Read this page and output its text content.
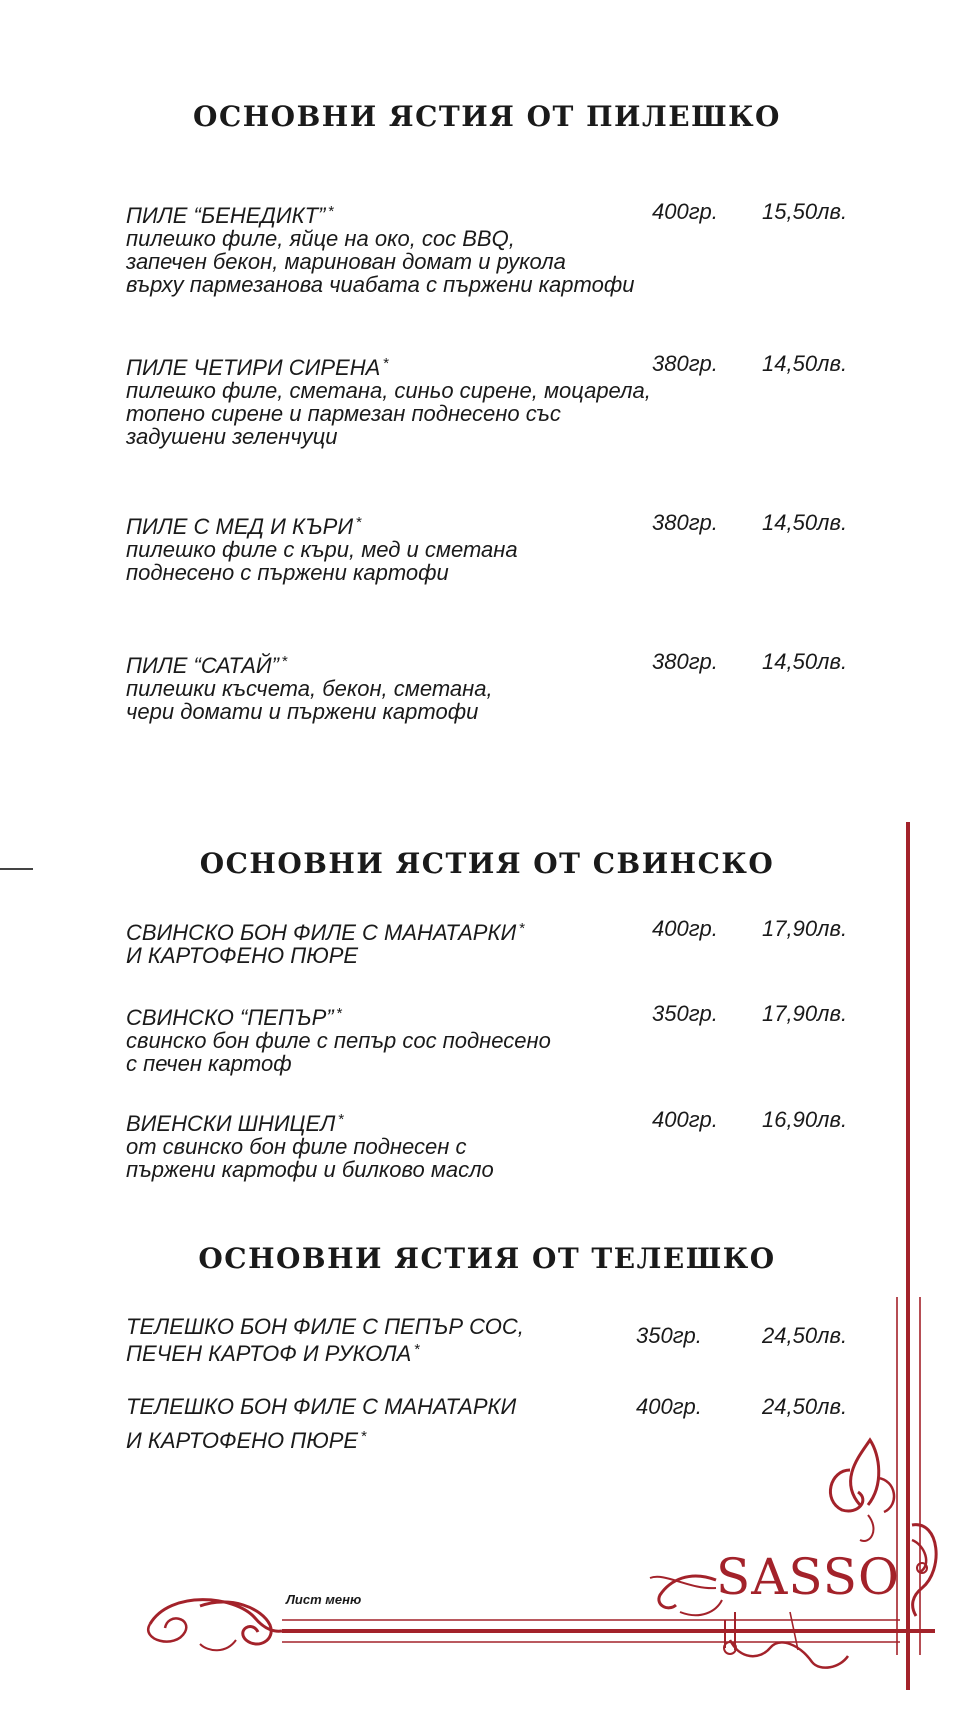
ОСНОВНИ ЯСТИЯ ОТ ПИЛЕШКО
ПИЛЕ “БЕНЕДИКТ” *
пилешко филе, яйце на око, сос BBQ,
запечен бекон, маринован домат и рукола
върху пармезанова чиабата с пържени картофи
400гр. 15,50лв.
ПИЛЕ ЧЕТИРИ СИРЕНА *
пилешко филе, сметана, синьо сирене, моцарела,
топено сирене и пармезан поднесено със
задушени зеленчуци
380гр. 14,50лв.
ПИЛЕ С МЕД И КЪРИ *
пилешко филе с къри, мед и сметана
поднесено с пържени картофи
380гр. 14,50лв.
ПИЛЕ “САТАЙ” *
пилешки късчета, бекон, сметана,
чери домати и пържени картофи
380гр. 14,50лв.
ОСНОВНИ ЯСТИЯ ОТ СВИНСКО
СВИНСКО БОН ФИЛЕ С МАНАТАРКИ *
И КАРТОФЕНО ПЮРЕ
400гр. 17,90лв.
СВИНСКО “ПЕПЪР” *
свинско бон филе с пепър сос поднесено
с печен картоф
350гр. 17,90лв.
ВИЕНСКИ ШНИЦЕЛ *
от свинско бон филе поднесен с
пържени картофи и билково масло
400гр. 16,90лв.
ОСНОВНИ ЯСТИЯ ОТ ТЕЛЕШКО
ТЕЛЕШКО БОН ФИЛЕ С ПЕПЪР СОС,
ПЕЧЕН КАРТОФ И РУКОЛА *
350гр.	24,50лв.
ТЕЛЕШКО БОН ФИЛЕ С МАНАТАРКИ
И КАРТОФЕНО ПЮРЕ *
400гр.	24,50лв.
Лист меню	SASSO
